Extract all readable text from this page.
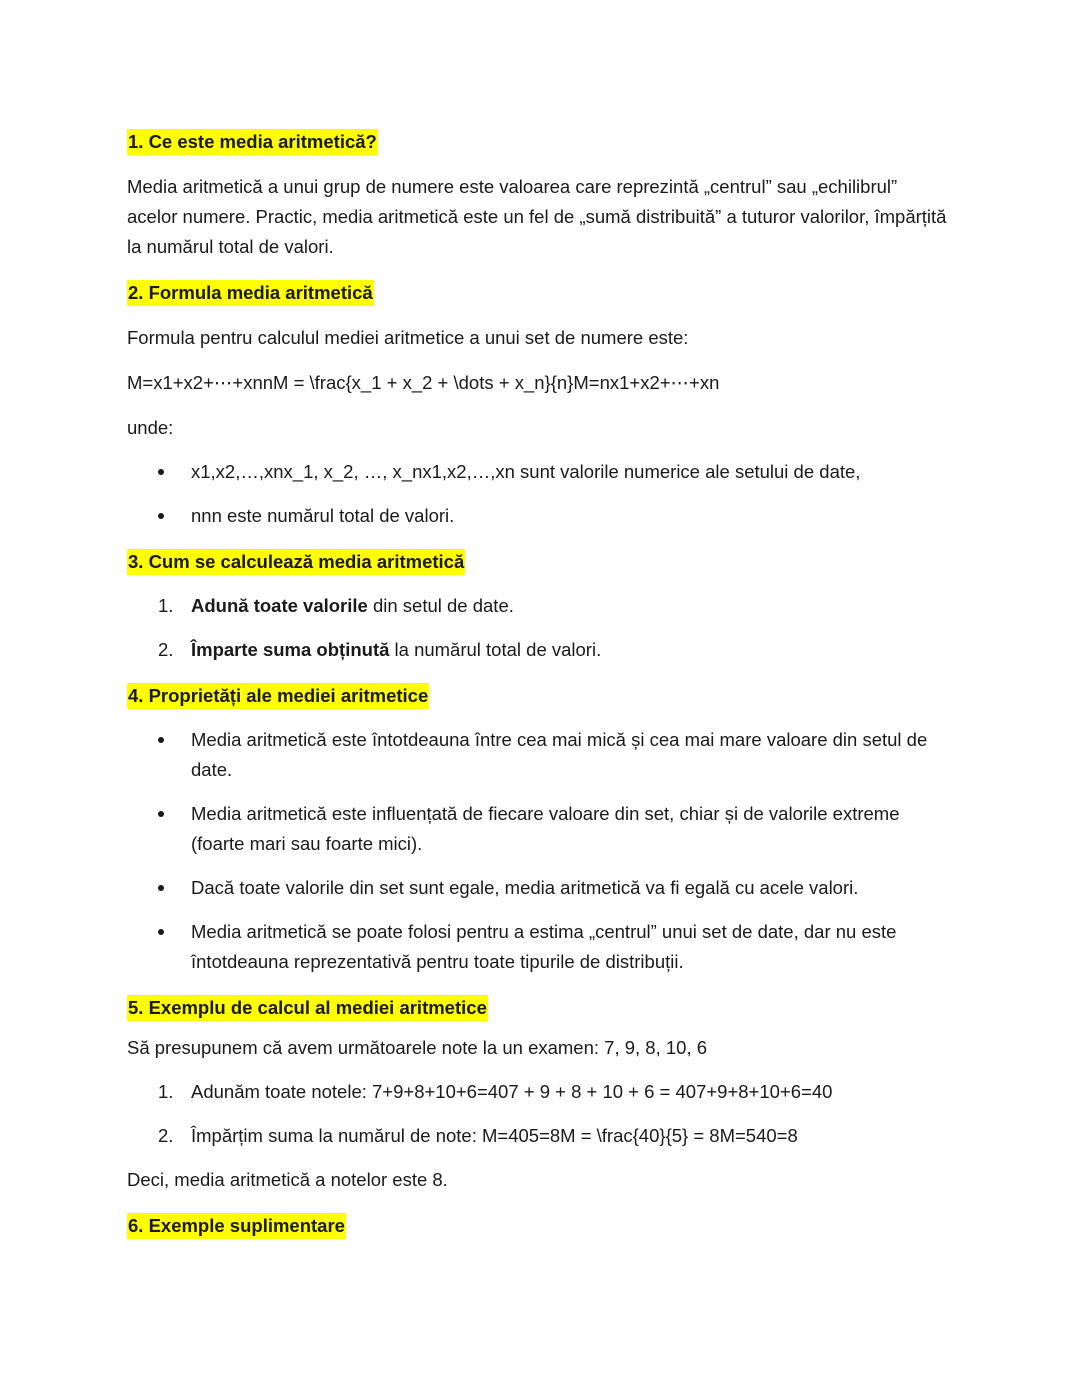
1. Ce este media aritmetică?
Media aritmetică a unui grup de numere este valoarea care reprezintă „centrul” sau „echilibrul” acelor numere. Practic, media aritmetică este un fel de „sumă distribuită” a tuturor valorilor, împărțită la numărul total de valori.
2. Formula media aritmetică
Formula pentru calculul mediei aritmetice a unui set de numere este:
M=x1+x2+⋯+xnnM = \frac{x_1 + x_2 + \dots + x_n}{n}M=nx1+x2+⋯+xn
unde:
x1,x2,…,xnx_1, x_2, …, x_nx1,x2,…,xn sunt valorile numerice ale setului de date,
nnn este numărul total de valori.
3. Cum se calculează media aritmetică
1. Adună toate valorile din setul de date.
2. Împarte suma obținută la numărul total de valori.
4. Proprietăți ale mediei aritmetice
Media aritmetică este întotdeauna între cea mai mică și cea mai mare valoare din setul de date.
Media aritmetică este influențată de fiecare valoare din set, chiar și de valorile extreme (foarte mari sau foarte mici).
Dacă toate valorile din set sunt egale, media aritmetică va fi egală cu acele valori.
Media aritmetică se poate folosi pentru a estima „centrul” unui set de date, dar nu este întotdeauna reprezentativă pentru toate tipurile de distribuții.
5. Exemplu de calcul al mediei aritmetice
Să presupunem că avem următoarele note la un examen: 7, 9, 8, 10, 6
1. Adunăm toate notele: 7+9+8+10+6=407 + 9 + 8 + 10 + 6 = 407+9+8+10+6=40
2. Împărțim suma la numărul de note: M=405=8M = \frac{40}{5} = 8M=540=8
Deci, media aritmetică a notelor este 8.
6. Exemple suplimentare
